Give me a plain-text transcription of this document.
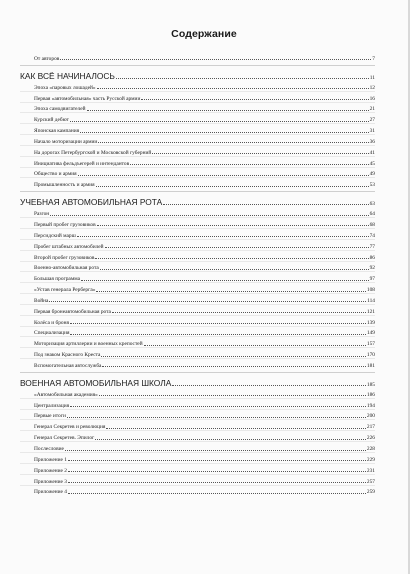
Содержание
От авторов	7
КАК ВСЁ НАЧИНАЛОСЬ	11
Эпоха «паровых лошадей»	12
Первая «автомобильная» часть Русской армии	16
Эпоха самодвигателей	21
Курский дебют	27
Японская кампания	31
Начало моторизации армии	36
На дорогах Петербургской и Московской губерний	41
Инициатива фельдъегерей и интендантов	45
Общество и армия	49
Промышленность и армия	53
УЧЕБНАЯ АВТОМОБИЛЬНАЯ РОТА	63
Разгон	64
Первый пробег грузовиков	68
Персидский марш	74
Пробег штабных автомобилей	77
Второй пробег грузовиков	86
Военно-автомобильная рота	92
Большая программа	97
«Устав генерала Рерберга»	108
Война	114
Первая бронеавтомобильная рота	121
Колёса и броня	139
Специализация	149
Моторизация артиллерии и военных крепостей	157
Под знаком Красного Креста	170
Вспомогательная автослужба	181
ВОЕННАЯ АВТОМОБИЛЬНАЯ ШКОЛА	185
«Автомобильная академия»	186
Централизация	194
Первые итоги	200
Генерал Секретев и революция	217
Генерал Секретев. Эпилог	226
Послесловие	228
Приложение 1	229
Приложение 2	231
Приложение 3	257
Приложение 4	259
